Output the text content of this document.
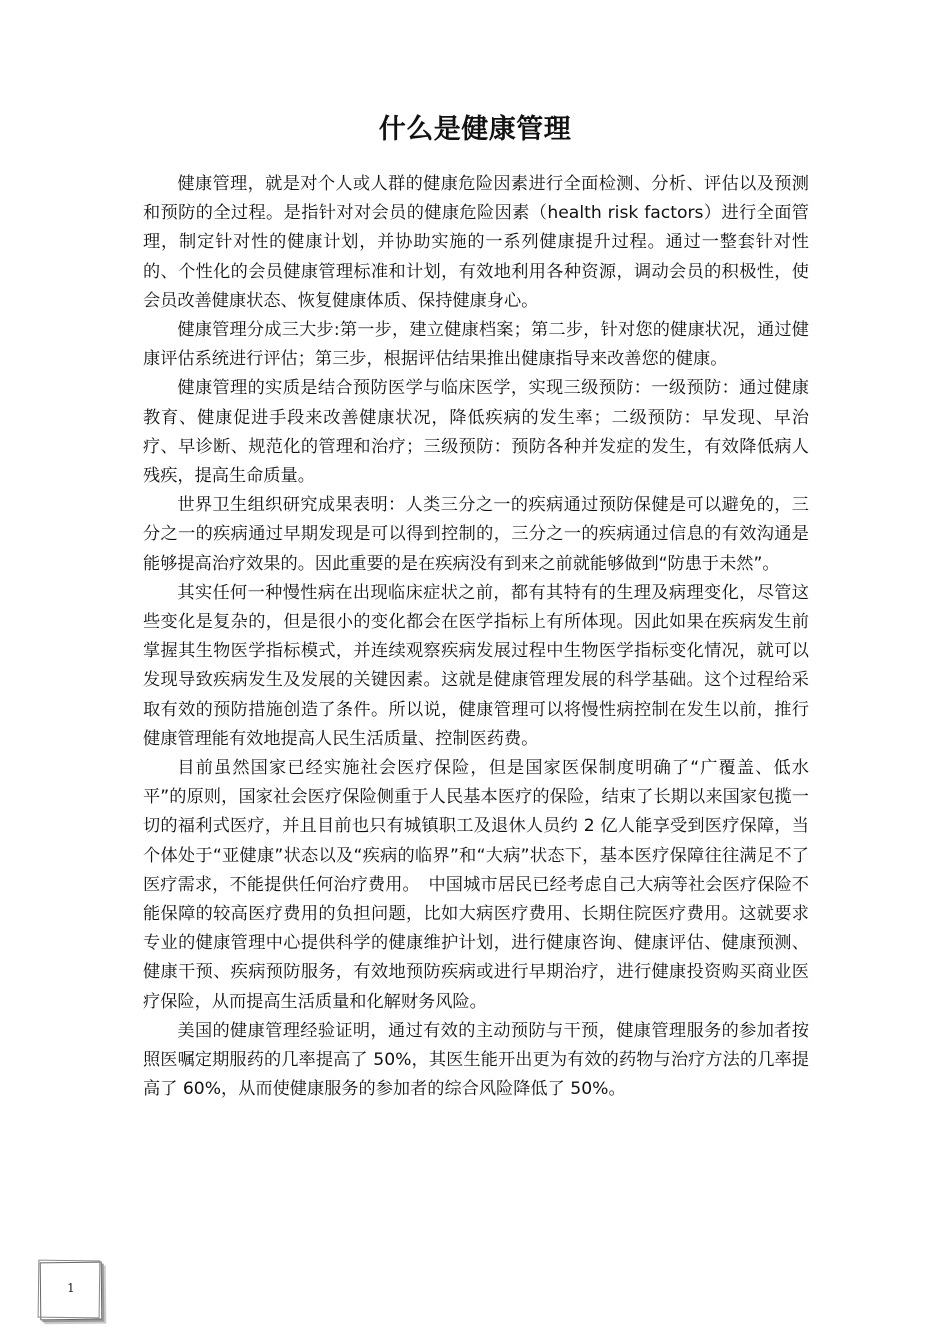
什么是健康管理

健康管理，就是对个人或人群的健康危险因素进行全面检测、分析、评估以及预测和预防的全过程。是指针对对会员的健康危险因素（health risk factors）进行全面管理，制定针对性的健康计划，并协助实施的一系列健康提升过程。通过一整套针对性的、个性化的会员健康管理标准和计划，有效地利用各种资源，调动会员的积极性，使会员改善健康状态、恢复健康体质、保持健康身心。

健康管理分成三大步:第一步，建立健康档案；第二步，针对您的健康状况，通过健康评估系统进行评估；第三步，根据评估结果推出健康指导来改善您的健康。

健康管理的实质是结合预防医学与临床医学，实现三级预防：一级预防：通过健康教育、健康促进手段来改善健康状况，降低疾病的发生率；二级预防：早发现、早治疗、早诊断、规范化的管理和治疗；三级预防：预防各种并发症的发生，有效降低病人残疾，提高生命质量。

世界卫生组织研究成果表明：人类三分之一的疾病通过预防保健是可以避免的，三分之一的疾病通过早期发现是可以得到控制的，三分之一的疾病通过信息的有效沟通是能够提高治疗效果的。因此重要的是在疾病没有到来之前就能够做到“防患于未然”。

其实任何一种慢性病在出现临床症状之前，都有其特有的生理及病理变化，尽管这些变化是复杂的，但是很小的变化都会在医学指标上有所体现。因此如果在疾病发生前掌握其生物医学指标模式，并连续观察疾病发展过程中生物医学指标变化情况，就可以发现导致疾病发生及发展的关键因素。这就是健康管理发展的科学基础。这个过程给采取有效的预防措施创造了条件。所以说，健康管理可以将慢性病控制在发生以前，推行健康管理能有效地提高人民生活质量、控制医药费。

目前虽然国家已经实施社会医疗保险，但是国家医保制度明确了“广覆盖、低水平”的原则，国家社会医疗保险侧重于人民基本医疗的保险，结束了长期以来国家包揽一切的福利式医疗，并且目前也只有城镇职工及退休人员约 2 亿人能享受到医疗保障，当个体处于“亚健康”状态以及“疾病的临界”和“大病”状态下，基本医疗保障往往满足不了医疗需求，不能提供任何治疗费用。　中国城市居民已经考虑自己大病等社会医疗保险不能保障的较高医疗费用的负担问题，比如大病医疗费用、长期住院医疗费用。这就要求专业的健康管理中心提供科学的健康维护计划，进行健康咨询、健康评估、健康预测、健康干预、疾病预防服务，有效地预防疾病或进行早期治疗，进行健康投资购买商业医疗保险，从而提高生活质量和化解财务风险。

美国的健康管理经验证明，通过有效的主动预防与干预，健康管理服务的参加者按照医嘱定期服药的几率提高了 50%，其医生能开出更为有效的药物与治疗方法的几率提高了 60%，从而使健康服务的参加者的综合风险降低了 50%。

1
